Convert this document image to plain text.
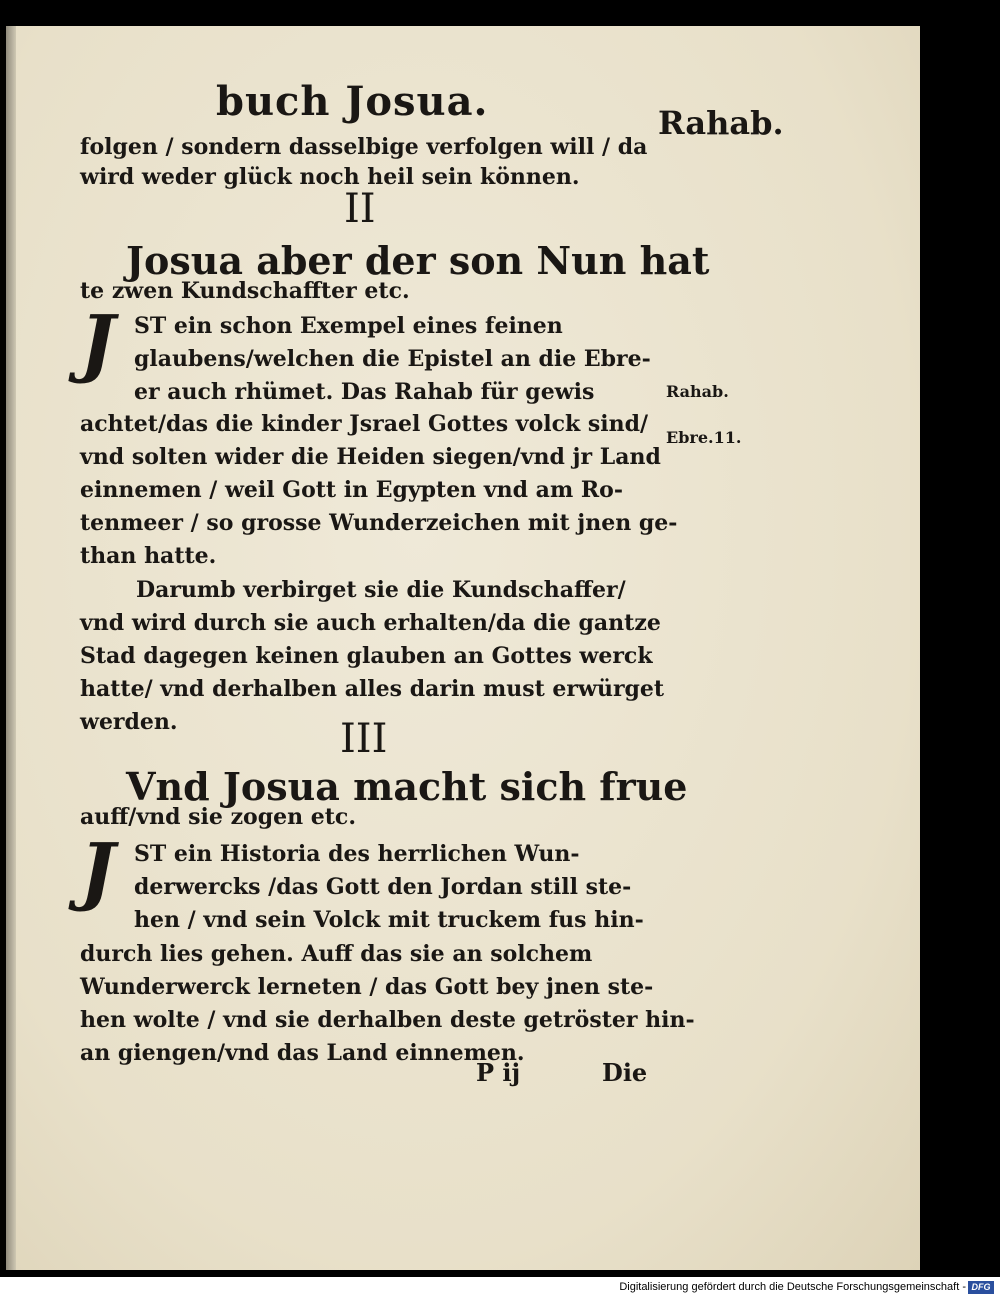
buch Josua.	Rahab.
folgen / sondern dasselbige verfolgen will / da
wird weder glück noch heil sein können.
II
Josua aber der son Nun hat
te zwen Kundschaffter etc.
J ST ein schon Exempel eines feinen
glaubens/welchen die Epistel an die Ebre-
er auch rhümet. Das Rahab für gewis	Rahab.
Ebre.11.
achtet/das die kinder Jsrael Gottes volck sind/
vnd solten wider die Heiden siegen/vnd jr Land
einnemen / weil Gott in Egypten vnd am Ro-
tenmeer / so grosse Wunderzeichen mit jnen ge-
than hatte.
Darumb verbirget sie die Kundschaffer/
vnd wird durch sie auch erhalten/da die gantze
Stad dagegen keinen glauben an Gottes werck
hatte/ vnd derhalben alles darin must erwürget
werden.	III
Vnd Josua macht sich frue
auff/vnd sie zogen etc.
J ST ein Historia des herrlichen Wun-
derwercks /das Gott den Jordan still ste-
hen / vnd sein Volck mit truckem fus hin-
durch lies gehen. Auff das sie an solchem
Wunderwerck lerneten / das Gott bey jnen ste-
hen wolte / vnd sie derhalben deste getröster hin-
an giengen/vnd das Land einnemen.
P ij	Die
Digitalisierung gefördert durch die Deutsche Forschungsgemeinschaft - DFG
